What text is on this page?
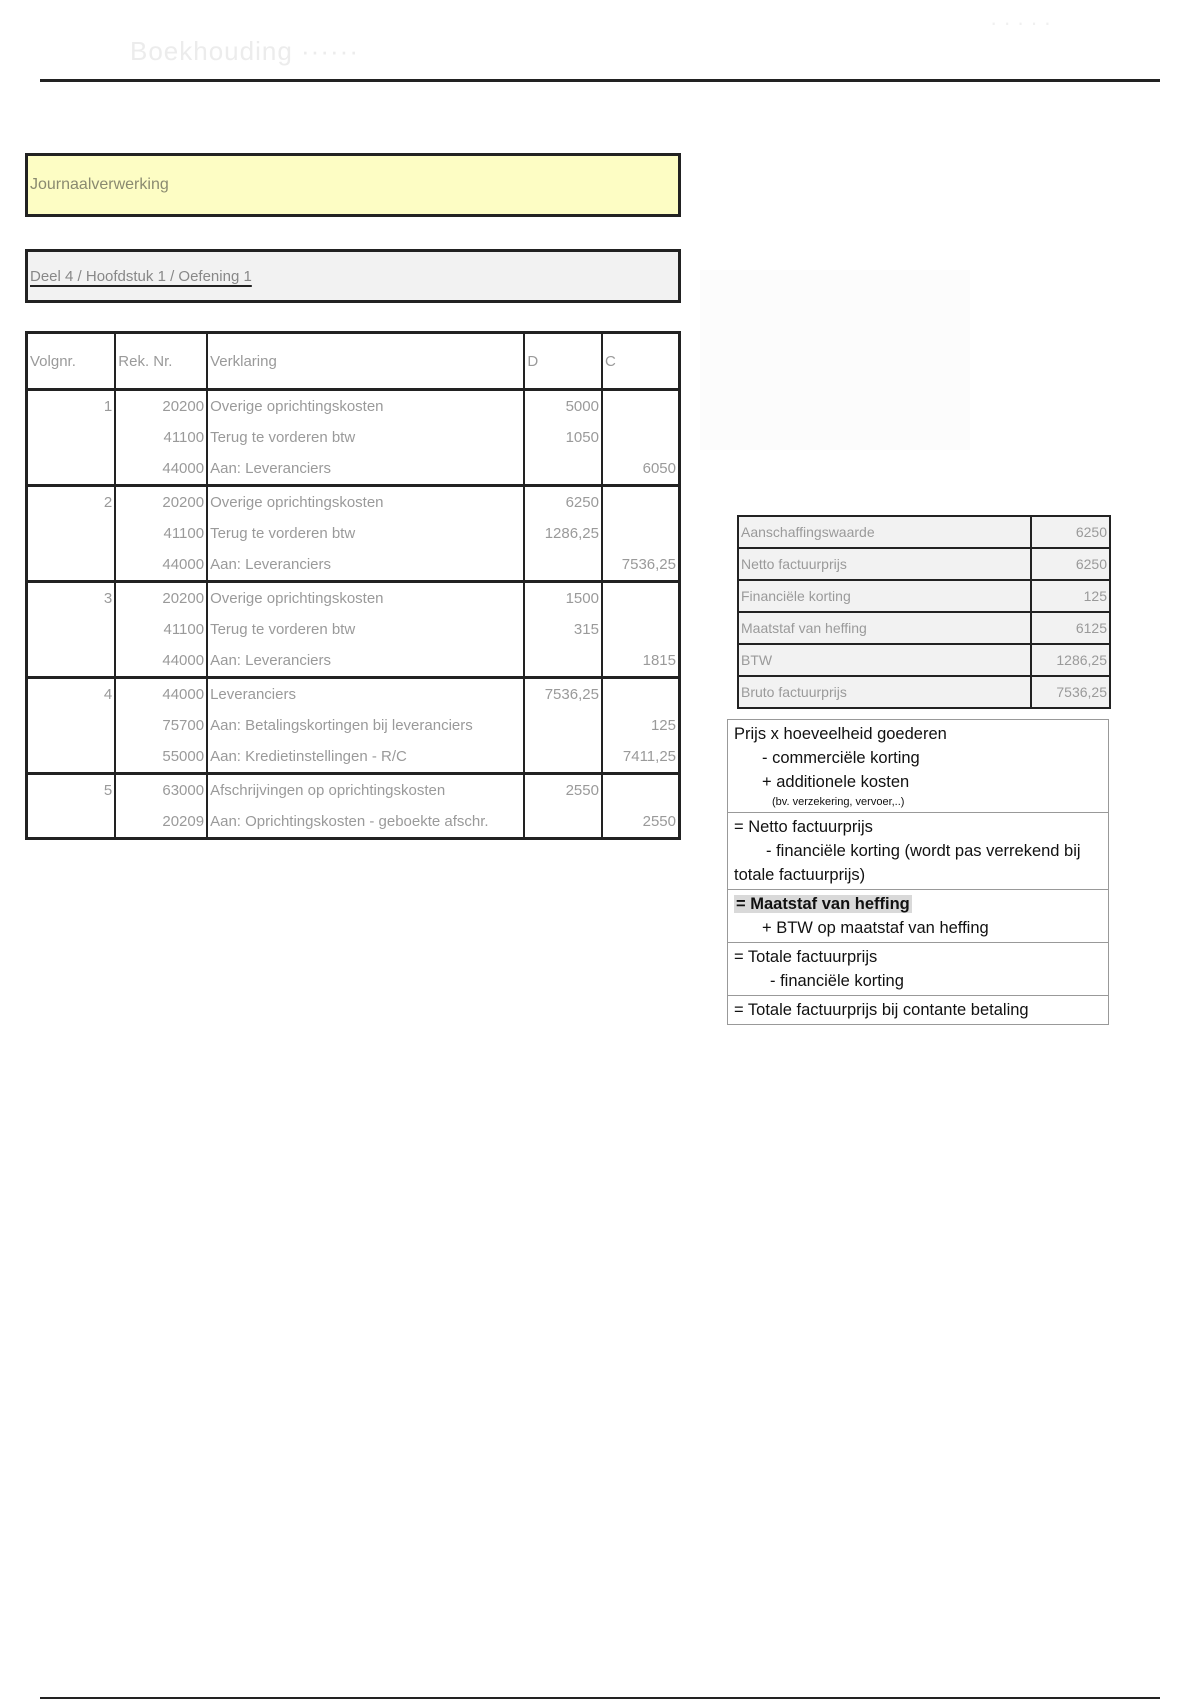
Boekhouding ······
· · · · ·
Journaalverwerking
Deel 4 / Hoofdstuk 1 / Oefening 1
Volgnr.	Rek. Nr.	Verklaring	D	C
1	20200	Overige oprichtingskosten	5000	
	41100	Terug te vorderen btw	1050	
	44000	Aan: Leveranciers		6050
2	20200	Overige oprichtingskosten	6250	
	41100	Terug te vorderen btw	1286,25	
	44000	Aan: Leveranciers		7536,25
3	20200	Overige oprichtingskosten	1500	
	41100	Terug te vorderen btw	315	
	44000	Aan: Leveranciers		1815
4	44000	Leveranciers	7536,25	
	75700	Aan: Betalingskortingen bij leveranciers		125
	55000	Aan: Kredietinstellingen - R/C		7411,25
5	63000	Afschrijvingen op oprichtingskosten	2550	
	20209	Aan: Oprichtingskosten - geboekte afschr.		2550
Aanschaffingswaarde	6250
Netto factuurprijs	6250
Financiële korting	125
Maatstaf van heffing	6125
BTW	1286,25
Bruto factuurprijs	7536,25
Prijs x hoeveelheid goederen
- commerciële korting
+ additionele kosten
(bv. verzekering, vervoer,..)
= Netto factuurprijs
- financiële korting (wordt pas verrekend bij totale factuurprijs)
= Maatstaf van heffing
+ BTW op maatstaf van heffing
= Totale factuurprijs
- financiële korting
= Totale factuurprijs bij contante betaling
